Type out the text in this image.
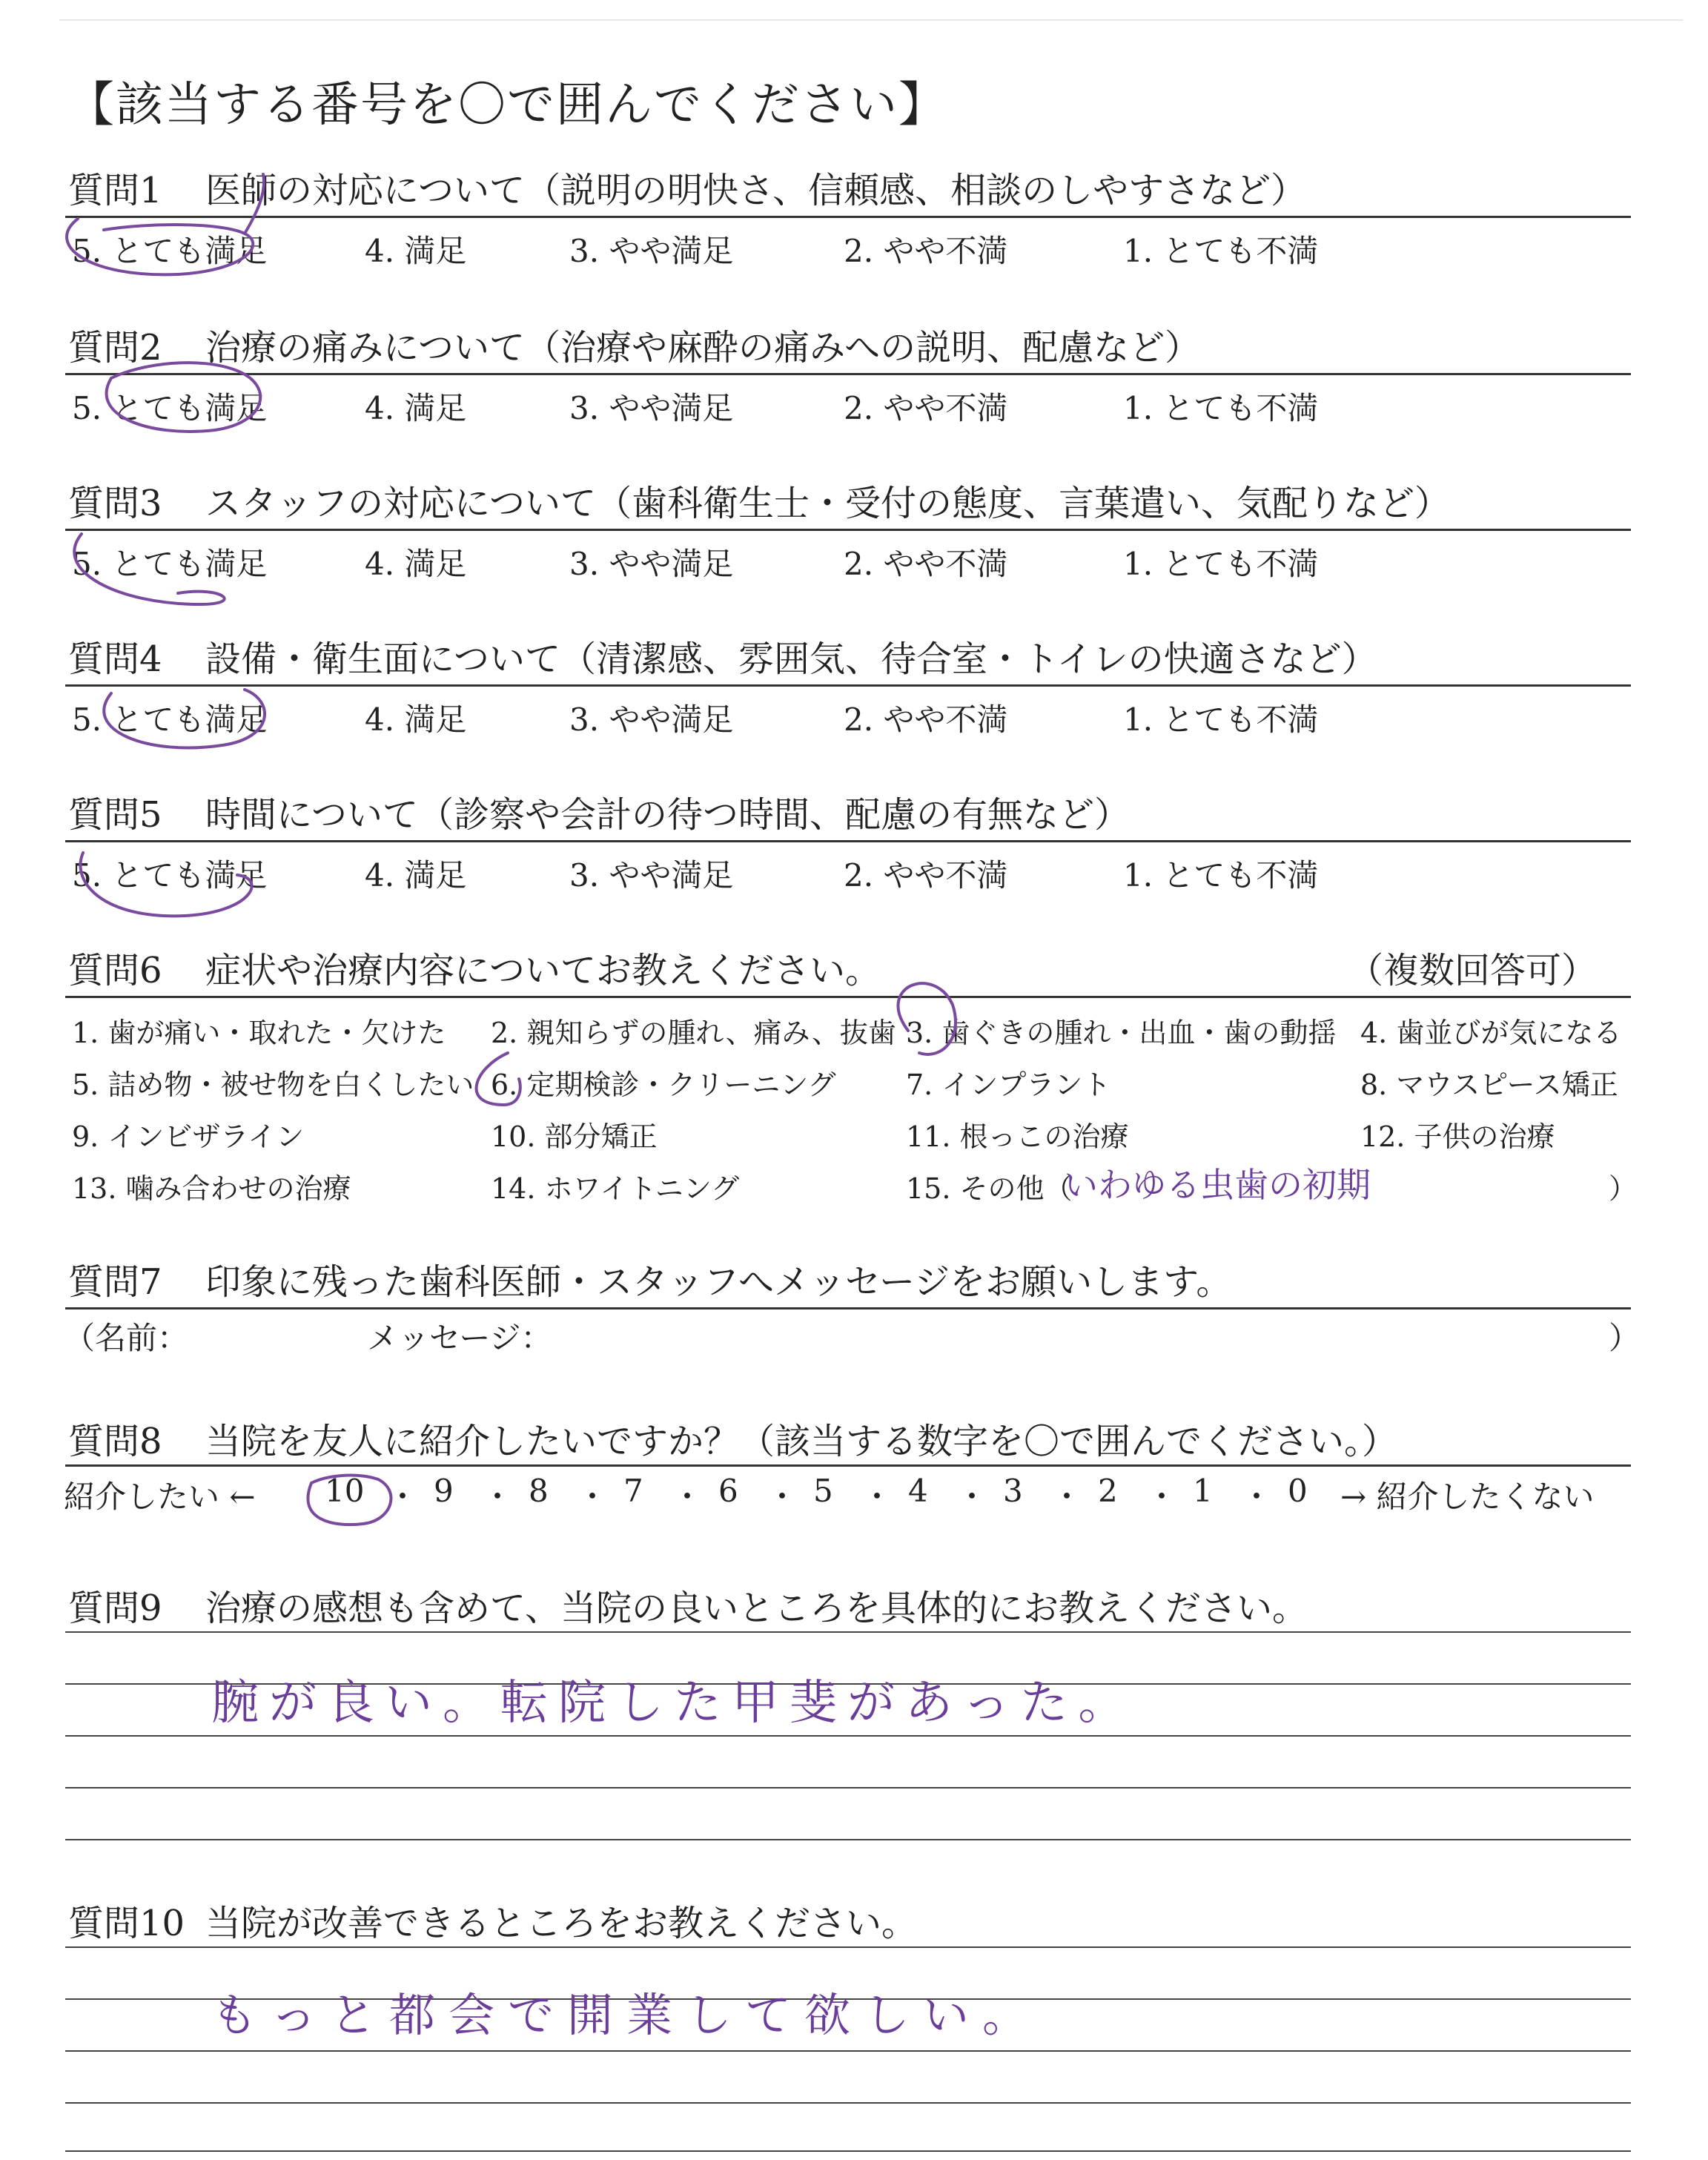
【該当する番号を〇で囲んでください】
質問1 医師の対応について（説明の明快さ、信頼感、相談のしやすさなど）
5. とても満足	4. 満足	3. やや満足	2. やや不満	1. とても不満
質問2 治療の痛みについて（治療や麻酔の痛みへの説明、配慮など）
5. とても満足	4. 満足	3. やや満足	2. やや不満	1. とても不満
質問3 スタッフの対応について（歯科衛生士・受付の態度、言葉遣い、気配りなど）
5. とても満足	4. 満足	3. やや満足	2. やや不満	1. とても不満
質問4 設備・衛生面について（清潔感、雰囲気、待合室・トイレの快適さなど）
5. とても満足	4. 満足	3. やや満足	2. やや不満	1. とても不満
質問5 時間について（診察や会計の待つ時間、配慮の有無など）
5. とても満足	4. 満足	3. やや満足	2. やや不満	1. とても不満
質問6 症状や治療内容についてお教えください。	（複数回答可）
1. 歯が痛い・取れた・欠けた 2. 親知らずの腫れ、痛み、抜歯 3. 歯ぐきの腫れ・出血・歯の動揺 4. 歯並びが気になる
5. 詰め物・被せ物を白くしたい 6. 定期検診・クリーニング 7. インプラント	8. マウスピース矯正
9. インビザライン	10. 部分矯正	11. 根っこの治療	12. 子供の治療
13. 噛み合わせの治療	14. ホワイトニング	15. その他（
いわゆる虫歯の初期	）
質問7 印象に残った歯科医師・スタッフへメッセージをお願いします。
（名前：	メッセージ：	）
質問8 当院を友人に紹介したいですか？（該当する数字を〇で囲んでください。）
紹介したい ← 10 ・ 9 ・ 8 ・ 7 ・ 6 ・ 5 ・ 4 ・ 3 ・ 2 ・ 1 ・ 0 → 紹介したくない
質問9 治療の感想も含めて、当院の良いところを具体的にお教えください。
腕が良い。転院した甲斐があった。
質問10 当院が改善できるところをお教えください。
もっと都会で開業して欲しい。
